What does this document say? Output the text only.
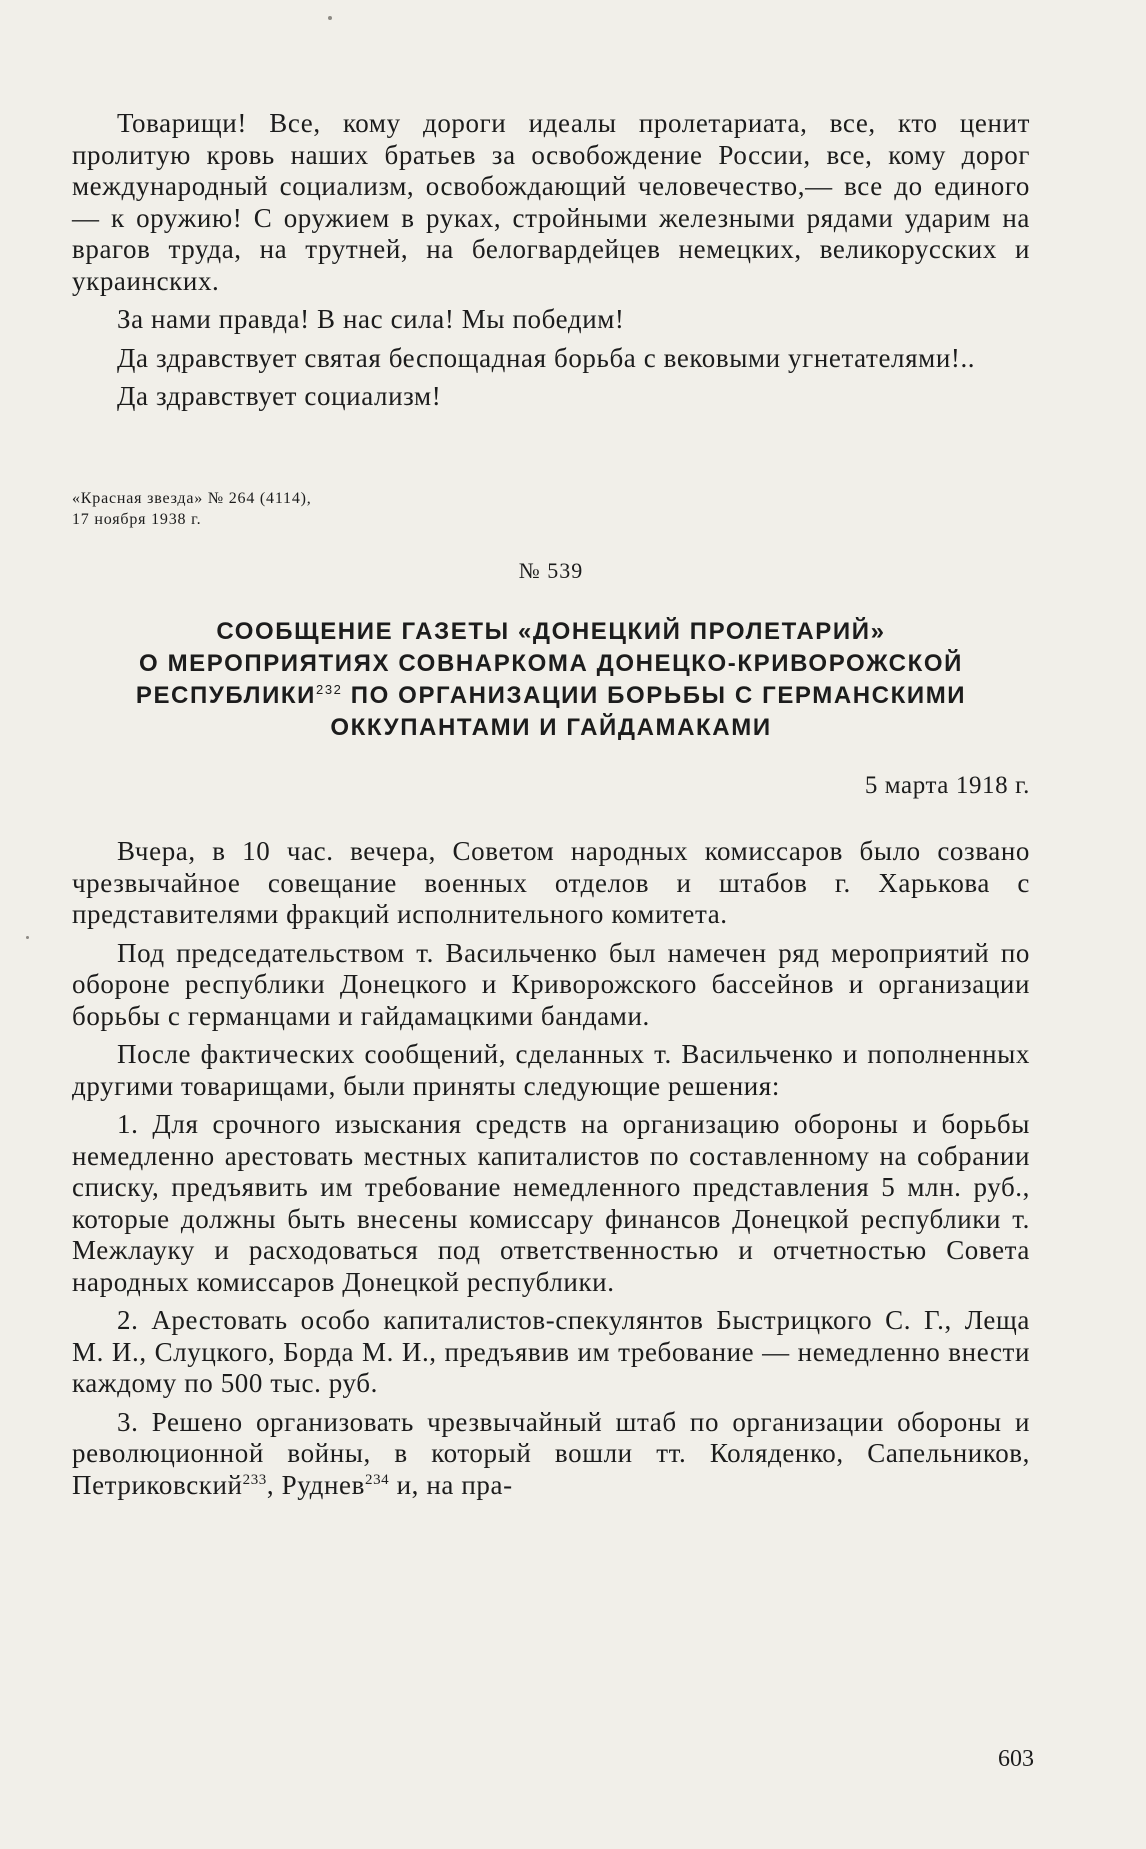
Товарищи! Все, кому дороги идеалы пролетариата, все, кто ценит пролитую кровь наших братьев за освобождение России, все, кому дорог международный социализм, освобождающий человечество,— все до единого — к оружию! С оружием в руках, стройными железными рядами ударим на врагов труда, на трутней, на белогвардейцев немецких, великорусских и украинских.

За нами правда! В нас сила! Мы победим!

Да здравствует святая беспощадная борьба с вековыми угнетателями!..

Да здравствует социализм!

«Красная звезда» № 264 (4114),

17 ноября 1938 г.

№ 539

СООБЩЕНИЕ ГАЗЕТЫ «ДОНЕЦКИЙ ПРОЛЕТАРИЙ»

О МЕРОПРИЯТИЯХ СОВНАРКОМА ДОНЕЦКО-КРИВОРОЖСКОЙ

РЕСПУБЛИКИ$^{232}$ ПО ОРГАНИЗАЦИИ БОРЬБЫ С ГЕРМАНСКИМИ

ОККУПАНТАМИ И ГАЙДАМАКАМИ

5 марта 1918 г.

Вчера, в 10 час. вечера, Советом народных комиссаров было созвано чрезвычайное совещание военных отделов и штабов г. Харькова с представителями фракций исполнительного комитета.

Под председательством т. Васильченко был намечен ряд мероприятий по обороне республики Донецкого и Криворожского бассейнов и организации борьбы с германцами и гайдамацкими бандами.

После фактических сообщений, сделанных т. Васильченко и пополненных другими товарищами, были приняты следующие решения:

1. Для срочного изыскания средств на организацию обороны и борьбы немедленно арестовать местных капиталистов по составленному на собрании списку, предъявить им требование немедленного представления 5 млн. руб., которые должны быть внесены комиссару финансов Донецкой республики т. Межлауку и расходоваться под ответственностью и отчетностью Совета народных комиссаров Донецкой республики.

2. Арестовать особо капиталистов-спекулянтов Быстрицкого С. Г., Леща М. И., Слуцкого, Борда М. И., предъявив им требование — немедленно внести каждому по 500 тыс. руб.

3. Решено организовать чрезвычайный штаб по организации обороны и революционной войны, в который вошли тт. Коляденко, Сапельников, Петриковский$^{233}$, Руднев$^{234}$ и, на пра-

603
